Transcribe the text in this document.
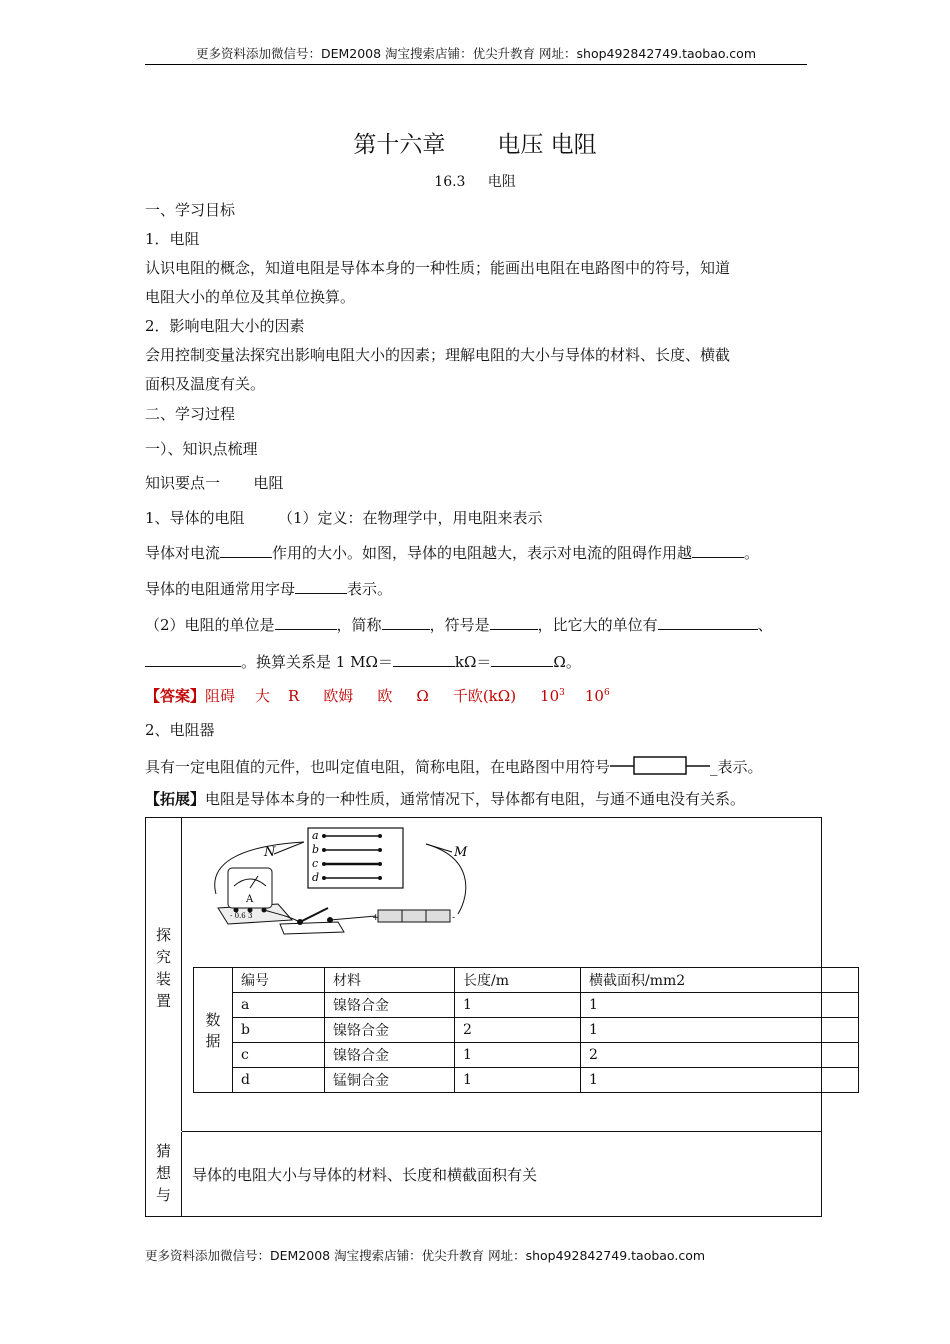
更多资料添加微信号：DEM2008 淘宝搜索店铺：优尖升教育 网址：shop492842749.taobao.com
第十六章 电压 电阻
16.3 电阻
一、学习目标
1．电阻
认识电阻的概念，知道电阻是导体本身的一种性质；能画出电阻在电路图中的符号，知道
电阻大小的单位及其单位换算。
2．影响电阻大小的因素
会用控制变量法探究出影响电阻大小的因素；理解电阻的大小与导体的材料、长度、横截
面积及温度有关。
二、学习过程
一）、知识点梳理
知识要点一 电阻
1、导体的电阻 （1）定义：在物理学中，用电阻来表示
导体对电流	作用的大小。如图，导体的电阻越大，表示对电流的阻碍作用越	。
导体的电阻通常用字母	表示。
（2）电阻的单位是	，简称	，符号是	，比它大的单位有	、
。换算关系是 1 MΩ＝	kΩ＝	Ω。
【答案】阻碍 大 R 欧姆 欧 Ω 千欧(kΩ) $10^3$ $10^6$
2、电阻器
具有一定电阻值的元件，也叫定值电阻，简称电阻，在电路图中用符号	_表示。
【拓展】电阻是导体本身的一种性质，通常情况下，导体都有电阻，与通不通电没有关系。
探
究
装
置
猜
想
与
a
b
c
d
N	M
A
- 0.6 3	+	-
数
据	编号	材料	长度/m	横截面积/mm2
	a	镍铬合金	1	1
	b	镍铬合金	2	1
	c	镍铬合金	1	2
	d	锰铜合金	1	1
导体的电阻大小与导体的材料、长度和横截面积有关
更多资料添加微信号：DEM2008 淘宝搜索店铺：优尖升教育 网址：shop492842749.taobao.com
